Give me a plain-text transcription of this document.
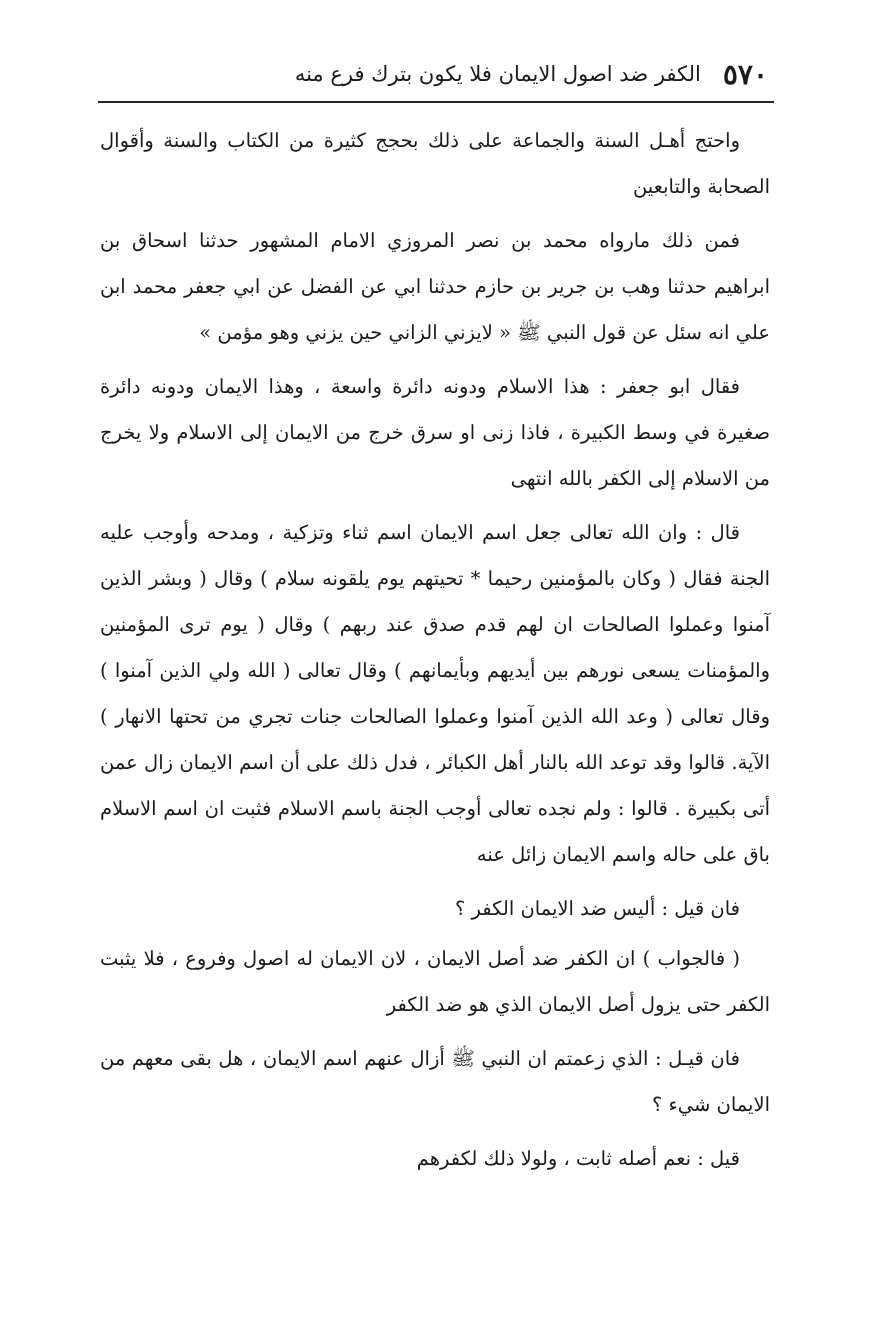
٥٧٠
الكفر ضد اصول الايمان فلا يكون بترك فرع منه

واحتج أهـل السنة والجماعة على ذلك بحجج كثيرة من الكتاب والسنة وأقوال الصحابة والتابعين

فمن ذلك مارواه محمد بن نصر المروزي الامام المشهور حدثنا اسحاق بن ابراهيم حدثنا وهب بن جرير بن حازم حدثنا ابي عن الفضل عن ابي جعفر محمد ابن علي انه سئل عن قول النبي ﷺ « لايزني الزاني حين يزني وهو مؤمن »

فقال ابو جعفر : هذا الاسلام ودونه دائرة واسعة ، وهذا الايمان ودونه دائرة صغيرة في وسط الكبيرة ، فاذا زنى او سرق خرج من الايمان إلى الاسلام ولا يخرج من الاسلام إلى الكفر بالله انتهى

قال : وان الله تعالى جعل اسم الايمان اسم ثناء وتزكية ، ومدحه وأوجب عليه الجنة فقال ( وكان بالمؤمنين رحيما * تحيتهم يوم يلقونه سلام ) وقال ( وبشر الذين آمنوا وعملوا الصالحات ان لهم قدم صدق عند ربهم ) وقال ( يوم ترى المؤمنين والمؤمنات يسعى نورهم بين أيديهم وبأيمانهم ) وقال تعالى ( الله ولي الذين آمنوا ) وقال تعالى ( وعد الله الذين آمنوا وعملوا الصالحات جنات تجري من تحتها الانهار ) الآية. قالوا وقد توعد الله بالنار أهل الكبائر ، فدل ذلك على أن اسم الايمان زال عمن أتى بكبيرة . قالوا : ولم نجده تعالى أوجب الجنة باسم الاسلام فثبت ان اسم الاسلام باق على حاله واسم الايمان زائل عنه

فان قيل : أليس ضد الايمان الكفر ؟

( فالجواب ) ان الكفر ضد أصل الايمان ، لان الايمان له اصول وفروع ، فلا يثبت الكفر حتى يزول أصل الايمان الذي هو ضد الكفر

فان قيـل : الذي زعمتم ان النبي ﷺ أزال عنهم اسم الايمان ، هل بقى معهم من الايمان شيء ؟

قيل : نعم أصله ثابت ، ولولا ذلك لكفرهم
